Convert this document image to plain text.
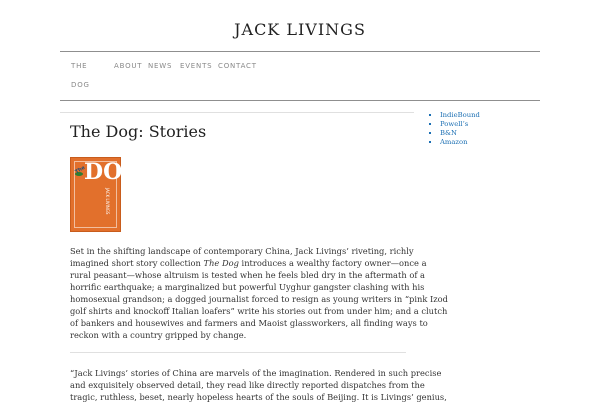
JACK LIVINGS
THE
DOG
ABOUT NEWS EVENTS CONTACT
The Dog: Stories
The
DOG
JACK LIVINGS
Set in the shifting landscape of contemporary China, Jack Livings’ riveting, richly
imagined short story collection The Dog introduces a wealthy factory owner—once a
rural peasant—whose altruism is tested when he feels bled dry in the aftermath of a
horrific earthquake; a marginalized but powerful Uyghur gangster clashing with his
homosexual grandson; a dogged journalist forced to resign as young writers in “pink Izod
golf shirts and knockoff Italian loafers” write his stories out from under him; and a clutch
of bankers and housewives and farmers and Maoist glassworkers, all finding ways to
reckon with a country gripped by change.
“Jack Livings’ stories of China are marvels of the imagination. Rendered in such precise
and exquisitely observed detail, they read like directly reported dispatches from the
tragic, ruthless, beset, nearly hopeless hearts of the souls of Beijing. It is Livings’ genius,
▪ IndieBound
▪ Powell’s
▪ B&N
▪ Amazon
